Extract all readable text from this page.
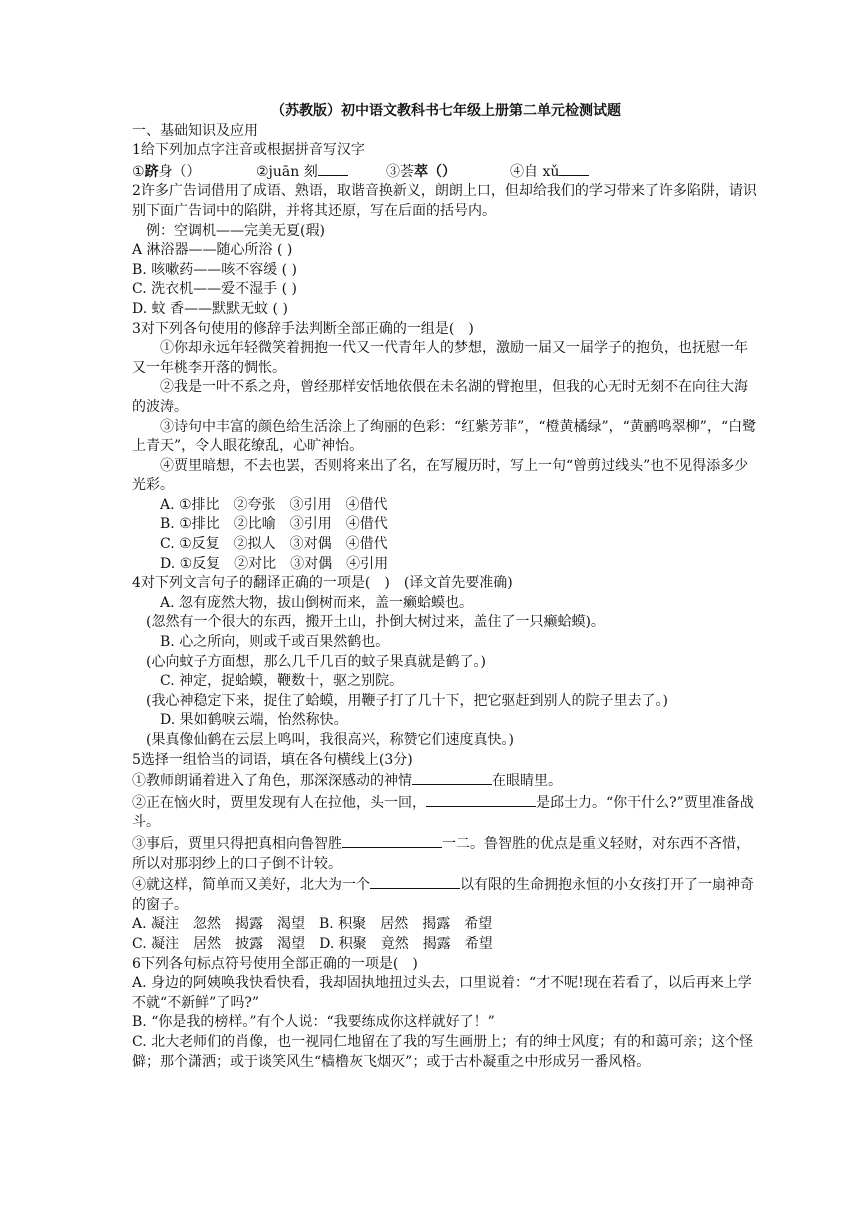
（苏教版）初中语文教科书七年级上册第二单元检测试题

一、基础知识及应用

1给下列加点字注音或根据拼音写汉字

①跻身（）	②juān 刻	③荟萃（）	④自 xǔ

2许多广告词借用了成语、熟语，取谐音换新义，朗朗上口，但却给我们的学习带来了许多陷阱，请识别下面广告词中的陷阱，并将其还原，写在后面的括号内。

例：空调机——完美无夏(瑕)

A 淋浴器——随心所浴 ( )

B. 咳嗽药——咳不容缓 ( )

C. 洗衣机——爱不湿手 ( )

D. 蚊 香——默默无蚊 ( )

3对下列各句使用的修辞手法判断全部正确的一组是(　)

①你却永远年轻微笑着拥抱一代又一代青年人的梦想，激励一届又一届学子的抱负，也抚慰一年又一年桃李开落的惆怅。

②我是一叶不系之舟，曾经那样安恬地依偎在未名湖的臂抱里，但我的心无时无刻不在向往大海的波涛。

③诗句中丰富的颜色给生活涂上了绚丽的色彩：“红紫芳菲”，“橙黄橘绿”，“黄鹂鸣翠柳”，“白鹭上青天”，令人眼花缭乱，心旷神怡。

④贾里暗想，不去也罢，否则将来出了名，在写履历时，写上一句“曾剪过线头”也不见得添多少光彩。

A. ①排比　②夸张　③引用　④借代

B. ①排比　②比喻　③引用　④借代

C. ①反复　②拟人　③对偶　④借代

D. ①反复　②对比　③对偶　④引用

4对下列文言句子的翻译正确的一项是(　)　(译文首先要准确)

A. 忽有庞然大物，拔山倒树而来，盖一癞蛤蟆也。

(忽然有一个很大的东西，搬开土山，扑倒大树过来，盖住了一只癞蛤蟆)。

B. 心之所向，则或千或百果然鹤也。

(心向蚊子方面想，那么几千几百的蚊子果真就是鹤了。)

C. 神定，捉蛤蟆，鞭数十，驱之别院。

(我心神稳定下来，捉住了蛤蟆，用鞭子打了几十下，把它驱赶到别人的院子里去了。)

D. 果如鹤唳云端，怡然称快。

(果真像仙鹤在云层上鸣叫，我很高兴，称赞它们速度真快。)

5选择一组恰当的词语，填在各句横线上(3分)

①教师朗诵着进入了角色，那深深感动的神情	在眼睛里。

②正在恼火时，贾里发现有人在拉他，头一回，	是邱士力。“你干什么?”贾里准备战斗。

③事后，贾里只得把真相向鲁智胜	一二。鲁智胜的优点是重义轻财，对东西不吝惜，所以对那羽纱上的口子倒不计较。

④就这样，简单而又美好，北大为一个	以有限的生命拥抱永恒的小女孩打开了一扇神奇的窗子。

A. 凝注　忽然　揭露　渴望　B. 积聚　居然　揭露　希望

C. 凝注　居然　披露　渴望　D. 积聚　竟然　揭露　希望

6下列各句标点符号使用全部正确的一项是(　)

A. 身边的阿姨唤我快看快看，我却固执地扭过头去，口里说着：“才不呢!现在若看了，以后再来上学不就“不新鲜”了吗?”

B. “你是我的榜样。”有个人说：“我要练成你这样就好了！”

C. 北大老师们的肖像，也一视同仁地留在了我的写生画册上；有的绅士风度；有的和蔼可亲；这个怪僻；那个潇洒；或于谈笑风生“樯橹灰飞烟灭”；或于古朴凝重之中形成另一番风格。
